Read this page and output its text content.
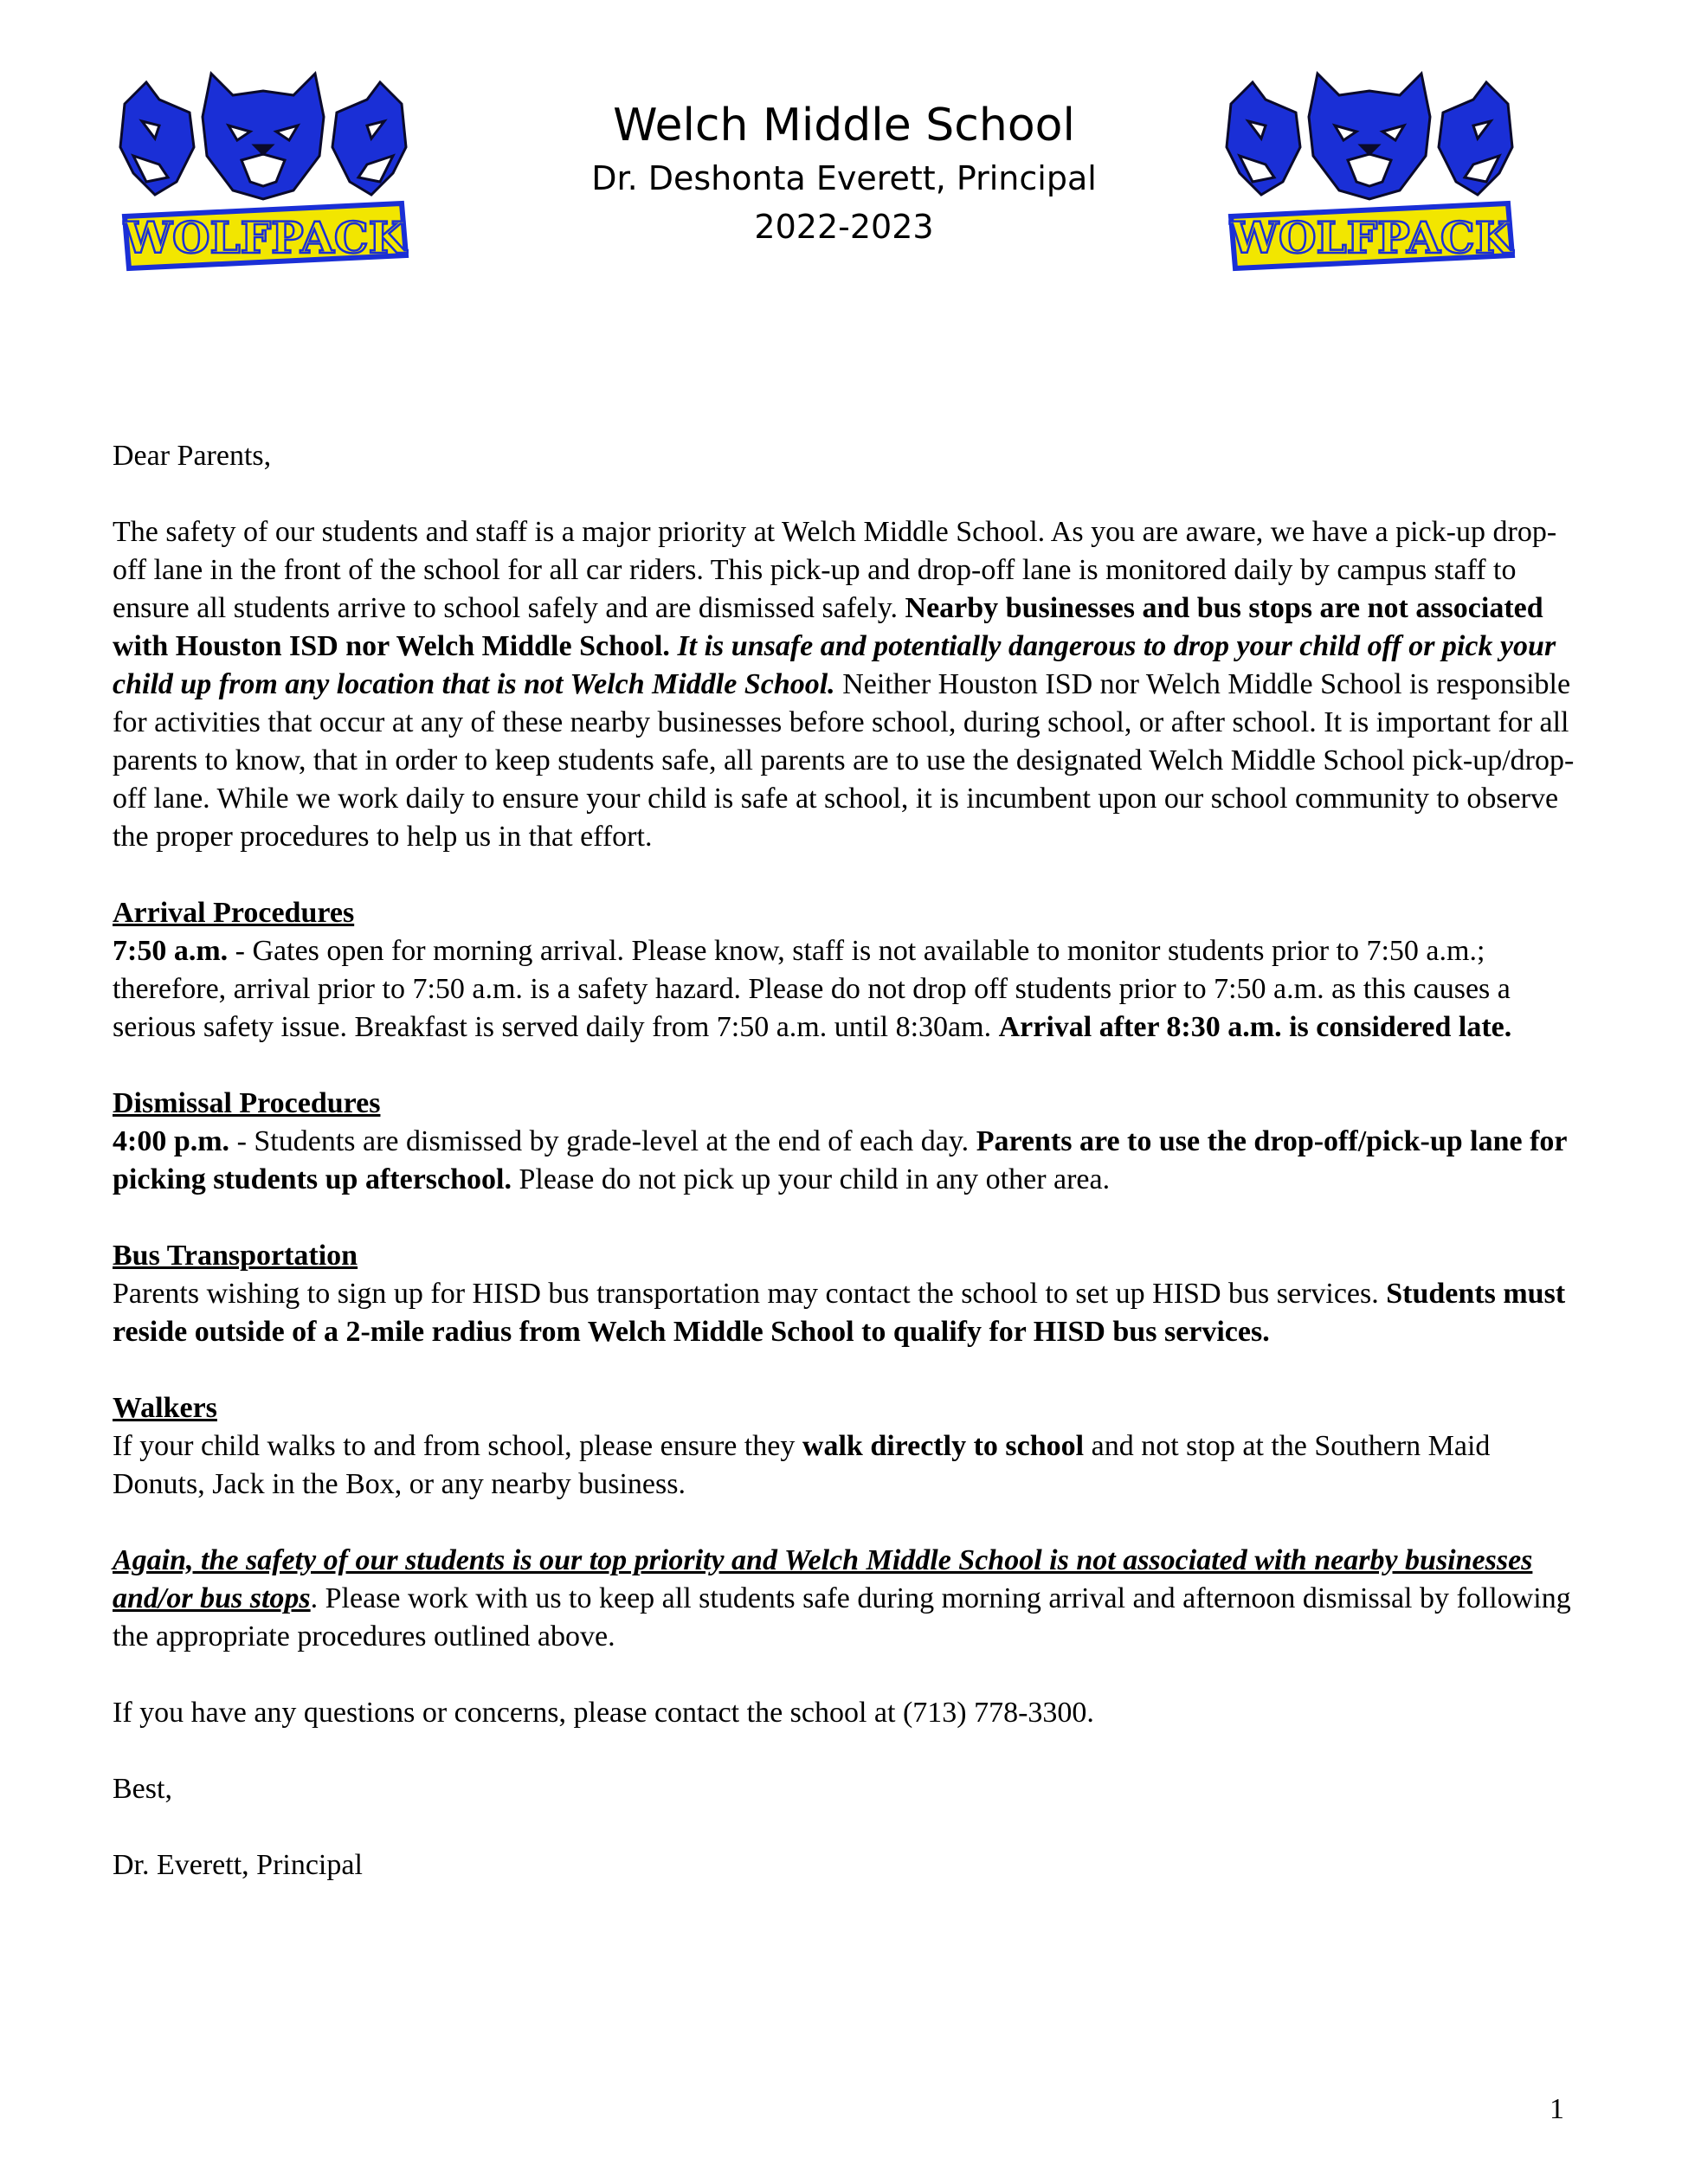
WOLFPACK	WOLFPACK
Welch Middle School
Dr. Deshonta Everett, Principal
2022-2023

Dear Parents,

The safety of our students and staff is a major priority at Welch Middle School. As you are aware, we have a pick-up drop-off lane in the front of the school for all car riders. This pick-up and drop-off lane is monitored daily by campus staff to ensure all students arrive to school safely and are dismissed safely. Nearby businesses and bus stops are not associated with Houston ISD nor Welch Middle School. It is unsafe and potentially dangerous to drop your child off or pick your child up from any location that is not Welch Middle School. Neither Houston ISD nor Welch Middle School is responsible for activities that occur at any of these nearby businesses before school, during school, or after school. It is important for all parents to know, that in order to keep students safe, all parents are to use the designated Welch Middle School pick-up/drop-off lane. While we work daily to ensure your child is safe at school, it is incumbent upon our school community to observe the proper procedures to help us in that effort.

Arrival Procedures

7:50 a.m. - Gates open for morning arrival. Please know, staff is not available to monitor students prior to 7:50 a.m.; therefore, arrival prior to 7:50 a.m. is a safety hazard. Please do not drop off students prior to 7:50 a.m. as this causes a serious safety issue. Breakfast is served daily from 7:50 a.m. until 8:30am. Arrival after 8:30 a.m. is considered late.

Dismissal Procedures

4:00 p.m. - Students are dismissed by grade-level at the end of each day. Parents are to use the drop-off/pick-up lane for picking students up afterschool. Please do not pick up your child in any other area.

Bus Transportation

Parents wishing to sign up for HISD bus transportation may contact the school to set up HISD bus services. Students must reside outside of a 2-mile radius from Welch Middle School to qualify for HISD bus services.

Walkers

If your child walks to and from school, please ensure they walk directly to school and not stop at the Southern Maid Donuts, Jack in the Box, or any nearby business.

Again, the safety of our students is our top priority and Welch Middle School is not associated with nearby businesses and/or bus stops. Please work with us to keep all students safe during morning arrival and afternoon dismissal by following the appropriate procedures outlined above.

If you have any questions or concerns, please contact the school at (713) 778-3300.

Best,

Dr. Everett, Principal

1
